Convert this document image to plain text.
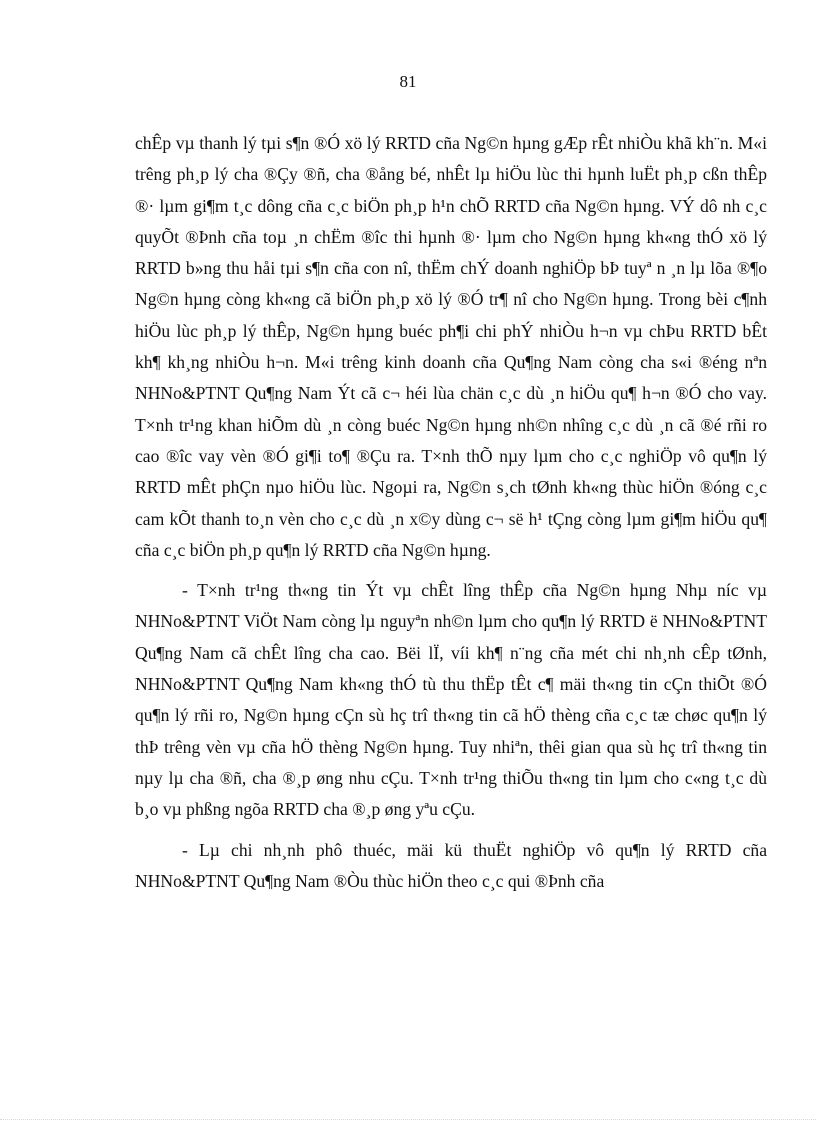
81

chÊp vµ thanh lý tµi s¶n ®Ó xö lý RRTD cña Ng©n hµng gÆp rÊt nhiÒu khã kh¨n. M«i trêng ph¸p lý cha ®Çy ®ñ, cha ®ång bé, nhÊt lµ hiÖu lùc thi hµnh luËt ph¸p cßn thÊp ®· lµm gi¶m t¸c dông cña c¸c biÖn ph¸p h¹n chÕ RRTD cña Ng©n hµng. VÝ dô nh c¸c quyÕt ®Þnh cña toµ ¸n chËm ®îc thi hµnh ®· lµm cho Ng©n hµng kh«ng thÓ xö lý RRTD b»ng thu håi tµi s¶n cña con nî, thËm chÝ doanh nghiÖp bÞ tuyª n ¸n lµ lõa ®¶o Ng©n hµng còng kh«ng cã biÖn ph¸p xö lý ®Ó tr¶ nî cho Ng©n hµng. Trong bèi c¶nh hiÖu lùc ph¸p lý thÊp, Ng©n hµng buéc ph¶i chi phÝ nhiÒu h¬n vµ chÞu RRTD bÊt kh¶ kh¸ng nhiÒu h¬n. M«i trêng kinh doanh cña Qu¶ng Nam còng cha s«i ®éng nªn NHNo&PTNT Qu¶ng Nam Ýt cã c¬ héi lùa chän c¸c dù ¸n hiÖu qu¶ h¬n ®Ó cho vay. T×nh tr¹ng khan hiÕm dù ¸n còng buéc Ng©n hµng nh©n nhîng c¸c dù ¸n cã ®é rñi ro cao ®îc vay vèn ®Ó gi¶i to¶ ®Çu ra. T×nh thÕ nµy lµm cho c¸c nghiÖp vô qu¶n lý RRTD mÊt phÇn nµo hiÖu lùc. Ngoµi ra, Ng©n s¸ch tØnh kh«ng thùc hiÖn ®óng c¸c cam kÕt thanh to¸n vèn cho c¸c dù ¸n x©y dùng c¬ së h¹ tÇng còng lµm gi¶m hiÖu qu¶ cña c¸c biÖn ph¸p qu¶n lý RRTD cña Ng©n hµng.

- T×nh tr¹ng th«ng tin Ýt vµ chÊt lîng thÊp cña Ng©n hµng Nhµ níc vµ NHNo&PTNT ViÖt Nam còng lµ nguyªn nh©n lµm cho qu¶n lý RRTD ë NHNo&PTNT Qu¶ng Nam cã chÊt lîng cha cao. Bëi lÏ, víi kh¶ n¨ng cña mét chi nh¸nh cÊp tØnh, NHNo&PTNT Qu¶ng Nam kh«ng thÓ tù thu thËp tÊt c¶ mäi th«ng tin cÇn thiÕt ®Ó qu¶n lý rñi ro, Ng©n hµng cÇn sù hç trî th«ng tin cã hÖ thèng cña c¸c tæ chøc qu¶n lý thÞ trêng vèn vµ cña hÖ thèng Ng©n hµng. Tuy nhiªn, thêi gian qua sù hç trî th«ng tin nµy lµ cha ®ñ, cha ®¸p øng nhu cÇu. T×nh tr¹ng thiÕu th«ng tin lµm cho c«ng t¸c dù b¸o vµ phßng ngõa RRTD cha ®¸p øng yªu cÇu.

- Lµ chi nh¸nh phô thuéc, mäi kü thuËt nghiÖp vô qu¶n lý RRTD cña NHNo&PTNT Qu¶ng Nam ®Òu thùc hiÖn theo c¸c qui ®Þnh cña
